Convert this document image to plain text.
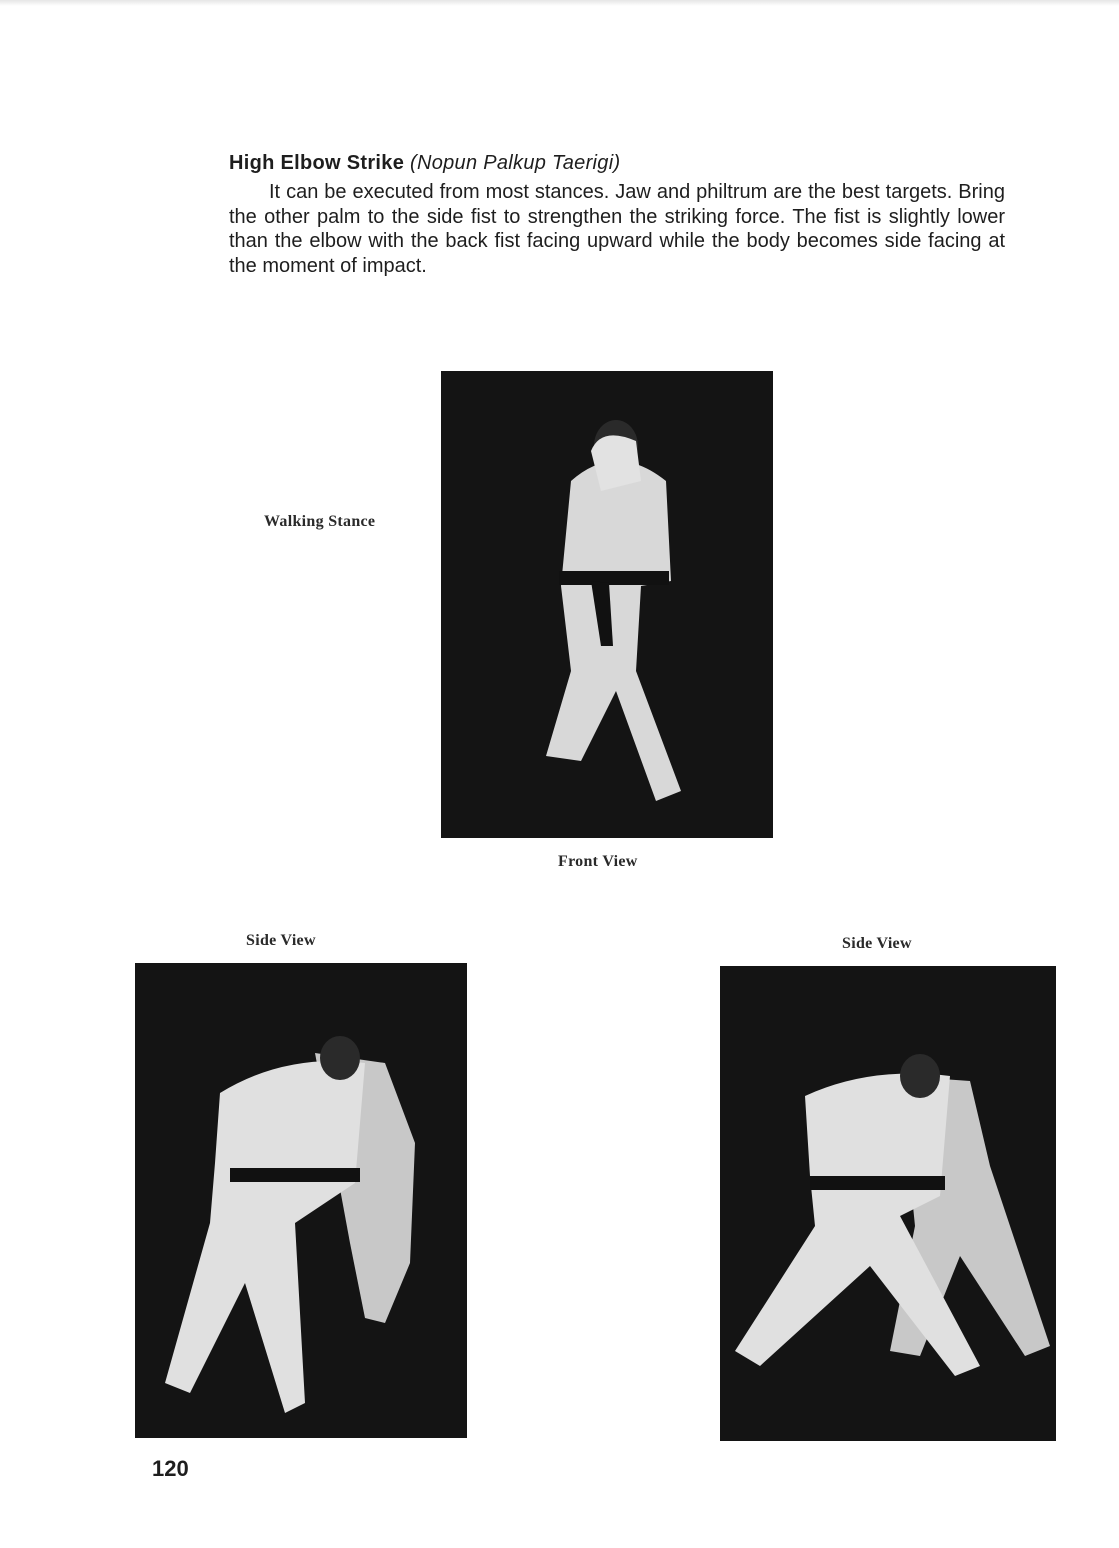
High Elbow Strike (Nopun Palkup Taerigi)

It can be executed from most stances. Jaw and philtrum are the best targets. Bring the other palm to the side fist to strengthen the striking force. The fist is slightly lower than the elbow with the back fist facing upward while the body becomes side facing at the moment of impact.

Walking Stance
Front View
Side View	Side View
120
